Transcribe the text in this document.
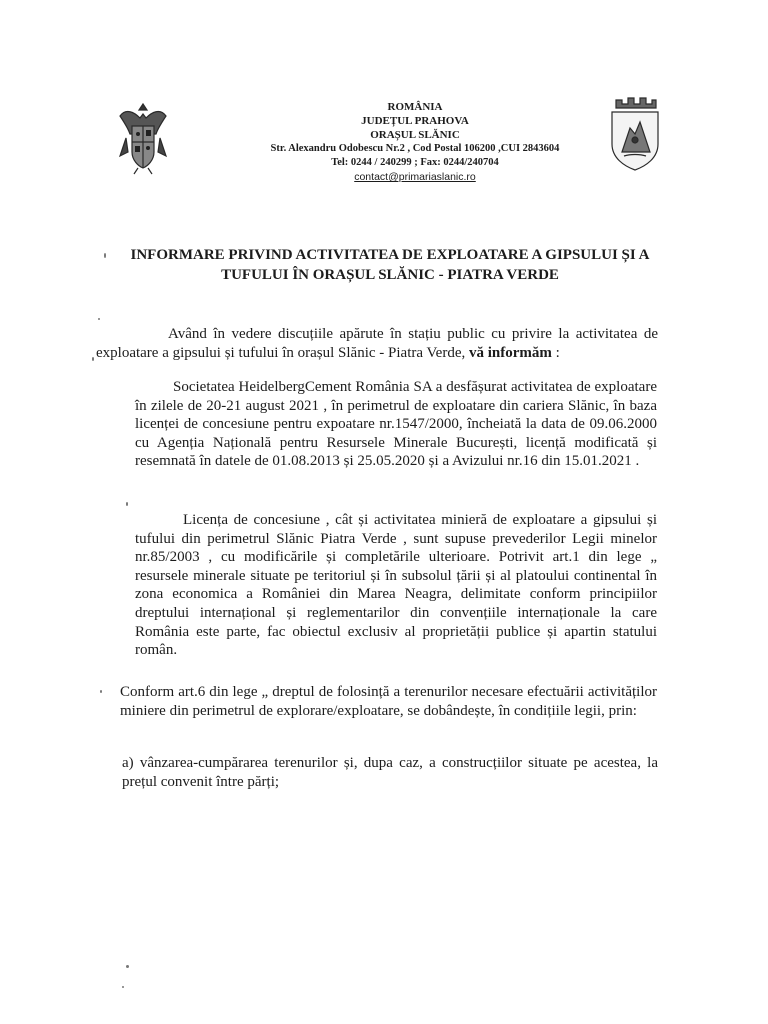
ROMÂNIA
JUDEȚUL PRAHOVA
ORAȘUL SLĂNIC
Str. Alexandru Odobescu Nr.2 , Cod Postal 106200 ,CUI 2843604
Tel: 0244 / 240299 ; Fax: 0244/240704
contact@primariaslanic.ro
INFORMARE PRIVIND ACTIVITATEA DE EXPLOATARE A GIPSULUI ȘI A TUFULUI ÎN ORAȘUL SLĂNIC - PIATRA VERDE
Având în vedere discuțiile apărute în stațiu public cu privire la activitatea de exploatare a gipsului și tufului în orașul Slănic - Piatra Verde, vă informăm :
Societatea HeidelbergCement România SA a desfășurat activitatea de exploatare în zilele de 20-21 august 2021 , în perimetrul de exploatare din cariera Slănic, în baza licenței de concesiune pentru expoatare nr.1547/2000, încheiată la data de 09.06.2000 cu Agenția Națională pentru Resursele Minerale București, licență modificată și resemnată în datele de 01.08.2013 și 25.05.2020 și a Avizului nr.16 din 15.01.2021 .
Licența de concesiune , cât și activitatea minieră de exploatare a gipsului și tufului din perimetrul Slănic Piatra Verde , sunt supuse prevederilor Legii minelor nr.85/2003 , cu modificările și completările ulterioare. Potrivit art.1 din lege „ resursele minerale situate pe teritoriul și în subsolul țării și al platoului continental în zona economica a României din Marea Neagra, delimitate conform principiilor dreptului internațional și reglementarilor din convențiile internaționale la care România este parte, fac obiectul exclusiv al proprietății publice și apartin statului român.
Conform art.6 din lege „ dreptul de folosință a terenurilor necesare efectuării activităților miniere din perimetrul de explorare/exploatare, se dobândește, în condițiile legii, prin:
a) vânzarea-cumpărarea terenurilor și, dupa caz, a construcțiilor situate pe acestea, la prețul convenit între părți;
